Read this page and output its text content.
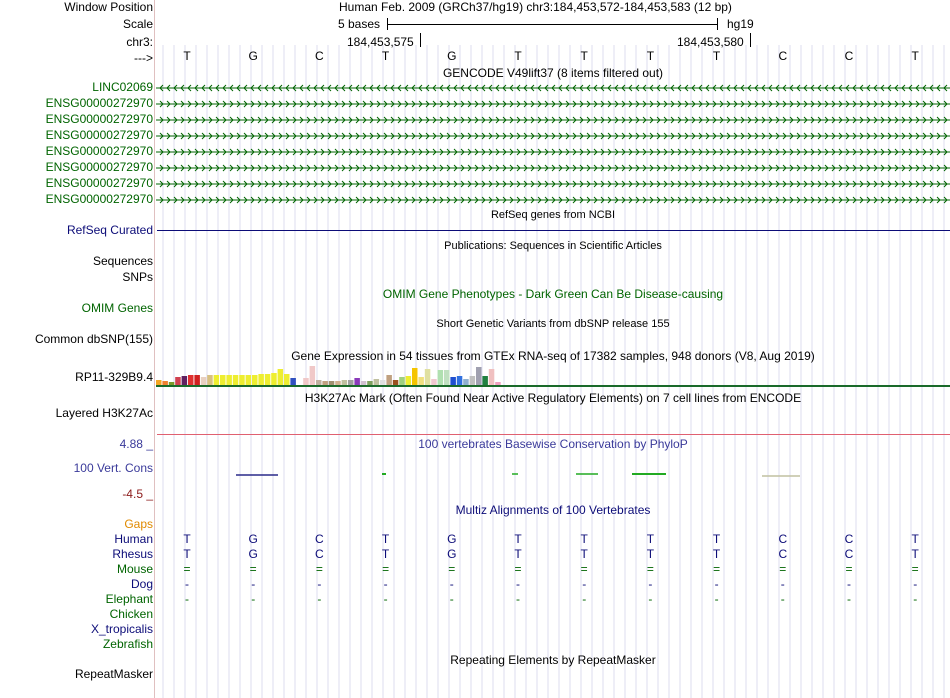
Window Position	Human Feb. 2009 (GRCh37/hg19) chr3:184,453,572-184,453,583 (12 bp)
Scale	5 bases	hg19
chr3:	184,453,575	184,453,580
--->	T	G	C	T	G	T	T	T	T	C	C	T
GENCODE V49lift37 (8 items filtered out)
LINC02069
ENSG00000272970
ENSG00000272970
ENSG00000272970
ENSG00000272970
ENSG00000272970
ENSG00000272970
ENSG00000272970
RefSeq genes from NCBI
RefSeq Curated
Publications: Sequences in Scientific Articles
Sequences
SNPs
OMIM Gene Phenotypes - Dark Green Can Be Disease-causing
OMIM Genes
Short Genetic Variants from dbSNP release 155
Common dbSNP(155)
Gene Expression in 54 tissues from GTEx RNA-seq of 17382 samples, 948 donors (V8, Aug 2019)
RP11-329B9.4
H3K27Ac Mark (Often Found Near Active Regulatory Elements) on 7 cell lines from ENCODE
Layered H3K27Ac
4.88 _	100 vertebrates Basewise Conservation by PhyloP
100 Vert. Cons
-4.5 _
Multiz Alignments of 100 Vertebrates
Gaps
Human	T	G	C	T	G	T	T	T	T	C	C	T
Rhesus	T	G	C	T	G	T	T	T	T	C	C	T
Mouse	=	=	=	=	=	=	=	=	=	=	=	=
Dog	-	-	-	-	-	-	-	-	-	-	-	-
Elephant	-	-	-	-	-	-	-	-	-	-	-	-
Chicken
X_tropicalis
Zebrafish
Repeating Elements by RepeatMasker
RepeatMasker
